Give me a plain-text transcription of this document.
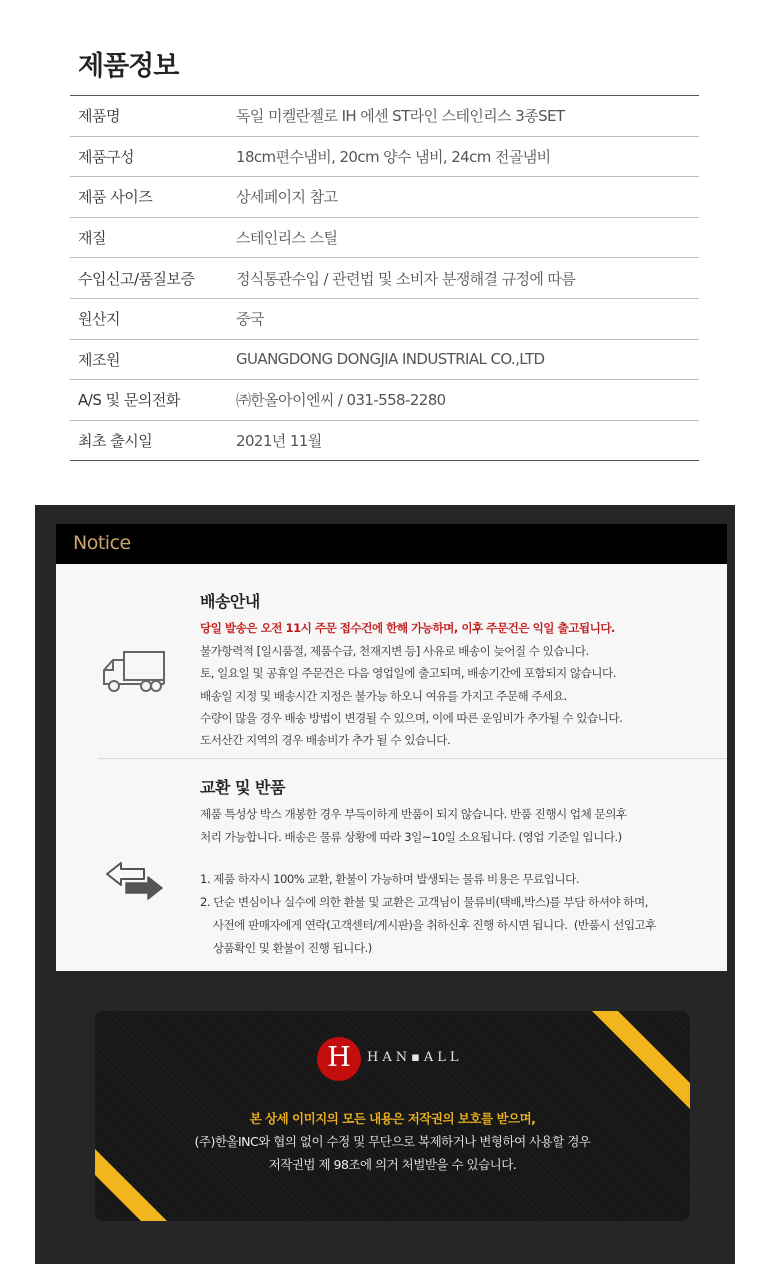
제품정보
제품명	독일 미켈란젤로 IH 에센 ST라인 스테인리스 3종SET
제품구성	18cm편수냄비, 20cm 양수 냄비, 24cm 전골냄비
제품 사이즈	상세페이지 참고
재질	스테인리스 스틸
수입신고/품질보증	정식통관수입 / 관련법 및 소비자 분쟁해결 규정에 따름
원산지	중국
제조원	GUANGDONG DONGJIA INDUSTRIAL CO.,LTD
A/S 및 문의전화	㈜한올아이엔씨 / 031-558-2280
최초 출시일	2021년 11월
Notice
배송안내
당일 발송은 오전 11시 주문 접수건에 한해 가능하며, 이후 주문건은 익일 출고됩니다.
불가항력적 [일시품절, 제품수급, 천재지변 등] 사유로 배송이 늦어질 수 있습니다.
토, 일요일 및 공휴일 주문건은 다음 영업일에 출고되며, 배송기간에 포함되지 않습니다.
배송일 지정 및 배송시간 지정은 불가능 하오니 여유를 가지고 주문해 주세요.
수량이 많을 경우 배송 방법이 변경될 수 있으며, 이에 따른 운임비가 추가될 수 있습니다.
도서산간 지역의 경우 배송비가 추가 될 수 있습니다.
교환 및 반품
제품 특성상 박스 개봉한 경우 부득이하게 반품이 되지 않습니다. 반품 진행시 업체 문의후
처리 가능합니다. 배송은 물류 상황에 따라 3일~10일 소요됩니다. (영업 기준일 입니다.)
1. 제품 하자시 100% 교환, 환불이 가능하며 발생되는 물류 비용은 무료입니다.
2. 단순 변심이나 실수에 의한 환불 및 교환은 고객님이 물류비(택배,박스)를 부담 하셔야 하며,
사전에 판매자에게 연락(고객센터/게시판)을 취하신후 진행 하시면 됩니다.  (반품시 선입고후
상품확인 및 환불이 진행 됩니다.)
H	HAN▪ALL
본 상세 이미지의 모든 내용은 저작권의 보호를 받으며,
(주)한올INC와 협의 없이 수정 및 무단으로 복제하거나 변형하여 사용할 경우
저작권법 제 98조에 의거 처벌받을 수 있습니다.
